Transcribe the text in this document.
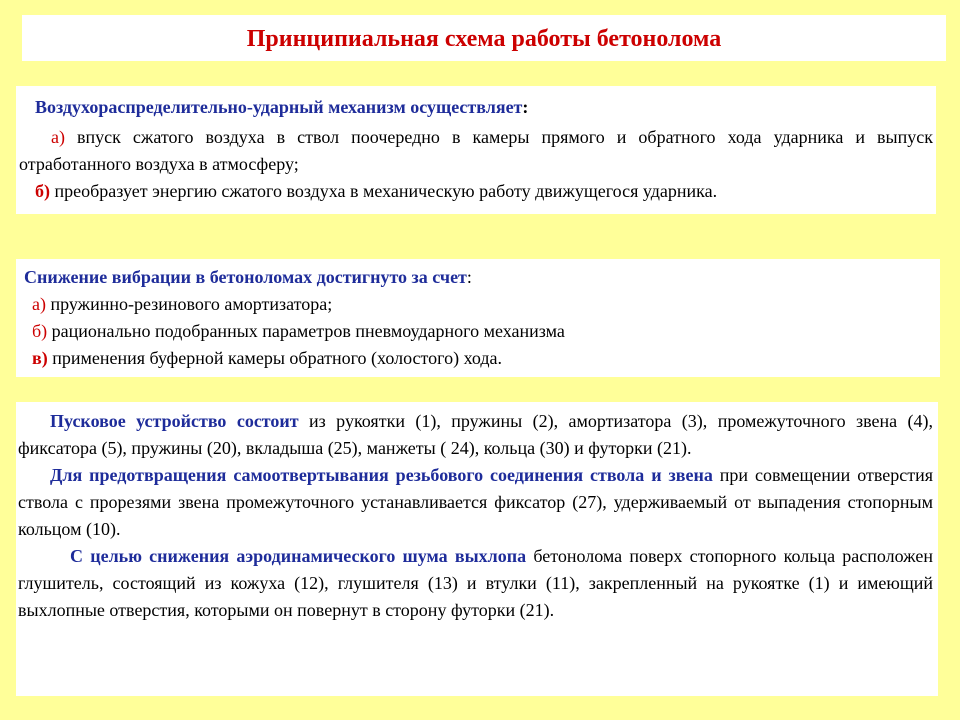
Принципиальная схема работы бетонолома

Воздухораспределительно-ударный механизм осуществляет:

а) впуск сжатого воздуха в ствол поочередно в камеры прямого и обратного хода ударника и выпуск отработанного воздуха в атмосферу;

б) преобразует энергию сжатого воздуха в механическую работу движущегося ударника.

Снижение вибрации в бетоноломах достигнуто за счет:

а) пружинно-резинового амортизатора;

б) рационально подобранных параметров пневмоударного механизма

в) применения буферной камеры обратного (холостого) хода.

Пусковое устройство состоит из рукоятки (1), пружины (2), амортизатора (3), промежуточного звена (4), фиксатора (5), пружины (20), вкладыша (25), манжеты ( 24), кольца (30) и футорки (21).

Для предотвращения самоотвертывания резьбового соединения ствола и звена при совмещении отверстия ствола с прорезями звена промежуточного устанавливается фиксатор (27), удерживаемый от выпадения стопорным кольцом (10).

С целью снижения аэродинамического шума выхлопа бетонолома поверх стопорного кольца расположен глушитель, состоящий из кожуха (12), глушителя (13) и втулки (11), закрепленный на рукоятке (1) и имеющий выхлопные отверстия, которыми он повернут в сторону футорки (21).
